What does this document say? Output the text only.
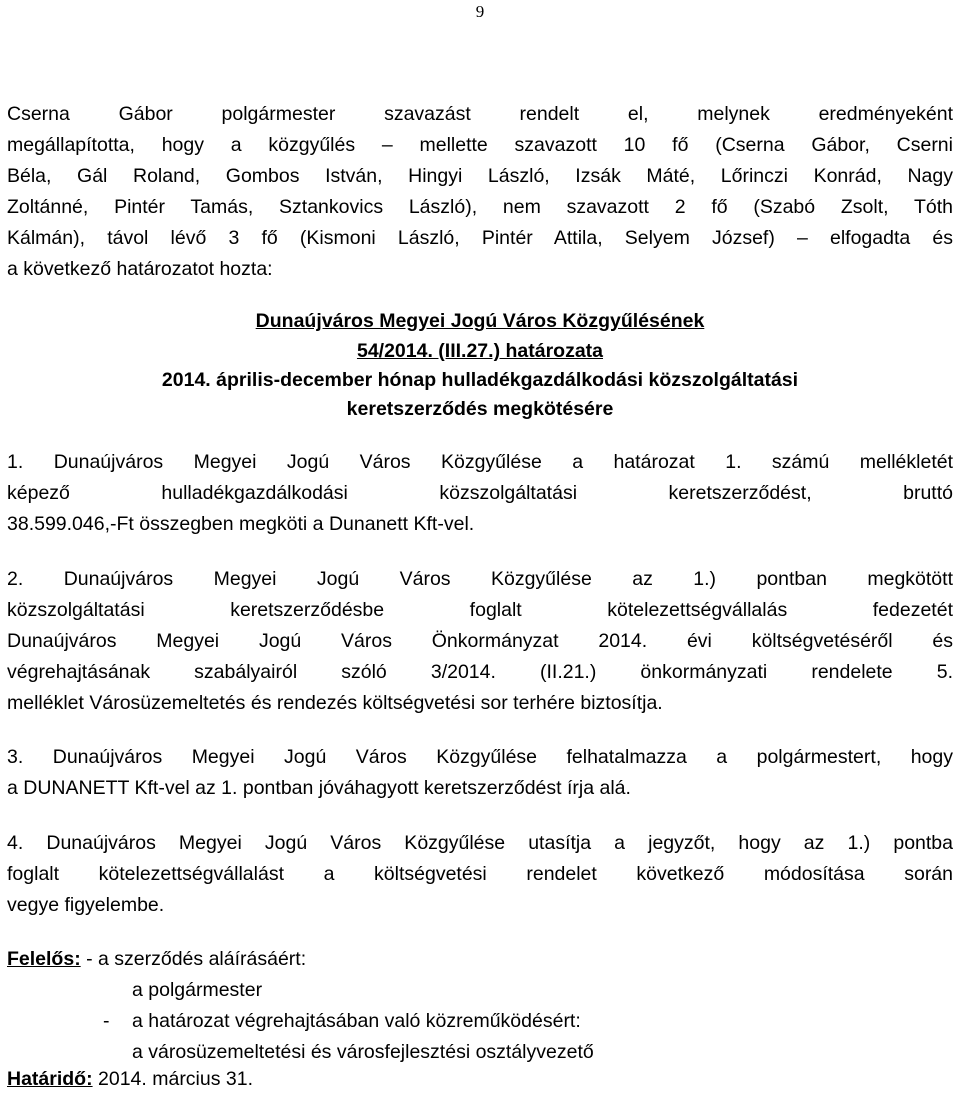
9
Cserna Gábor polgármester szavazást rendelt el, melynek eredményeként
megállapította, hogy a közgyűlés – mellette szavazott 10 fő (Cserna Gábor, Cserni
Béla, Gál Roland, Gombos István, Hingyi László, Izsák Máté, Lőrinczi Konrád, Nagy
Zoltánné, Pintér Tamás, Sztankovics László), nem szavazott 2 fő (Szabó Zsolt, Tóth
Kálmán), távol lévő 3 fő (Kismoni László, Pintér Attila, Selyem József) – elfogadta és
a következő határozatot hozta:
Dunaújváros Megyei Jogú Város Közgyűlésének
54/2014. (III.27.) határozata
2014. április-december hónap hulladékgazdálkodási közszolgáltatási
keretszerződés megkötésére
1. Dunaújváros Megyei Jogú Város Közgyűlése a határozat 1. számú mellékletét
képező hulladékgazdálkodási közszolgáltatási keretszerződést, bruttó
38.599.046,-Ft összegben megköti a Dunanett Kft-vel.
2. Dunaújváros Megyei Jogú Város Közgyűlése az 1.) pontban megkötött
közszolgáltatási keretszerződésbe foglalt kötelezettségvállalás fedezetét
Dunaújváros Megyei Jogú Város Önkormányzat 2014. évi költségvetéséről és
végrehajtásának szabályairól szóló 3/2014. (II.21.) önkormányzati rendelete 5.
melléklet Városüzemeltetés és rendezés költségvetési sor terhére biztosítja.
3. Dunaújváros Megyei Jogú Város Közgyűlése felhatalmazza a polgármestert, hogy
a DUNANETT Kft-vel az 1. pontban jóváhagyott keretszerződést írja alá.
4. Dunaújváros Megyei Jogú Város Közgyűlése utasítja a jegyzőt, hogy az 1.) pontba
foglalt kötelezettségvállalást a költségvetési rendelet következő módosítása során
vegye figyelembe.
Felelős: - a szerződés aláírásáért:
a polgármester
- a határozat végrehajtásában való közreműködésért:
a városüzemeltetési és városfejlesztési osztályvezető
Határidő: 2014. március 31.
